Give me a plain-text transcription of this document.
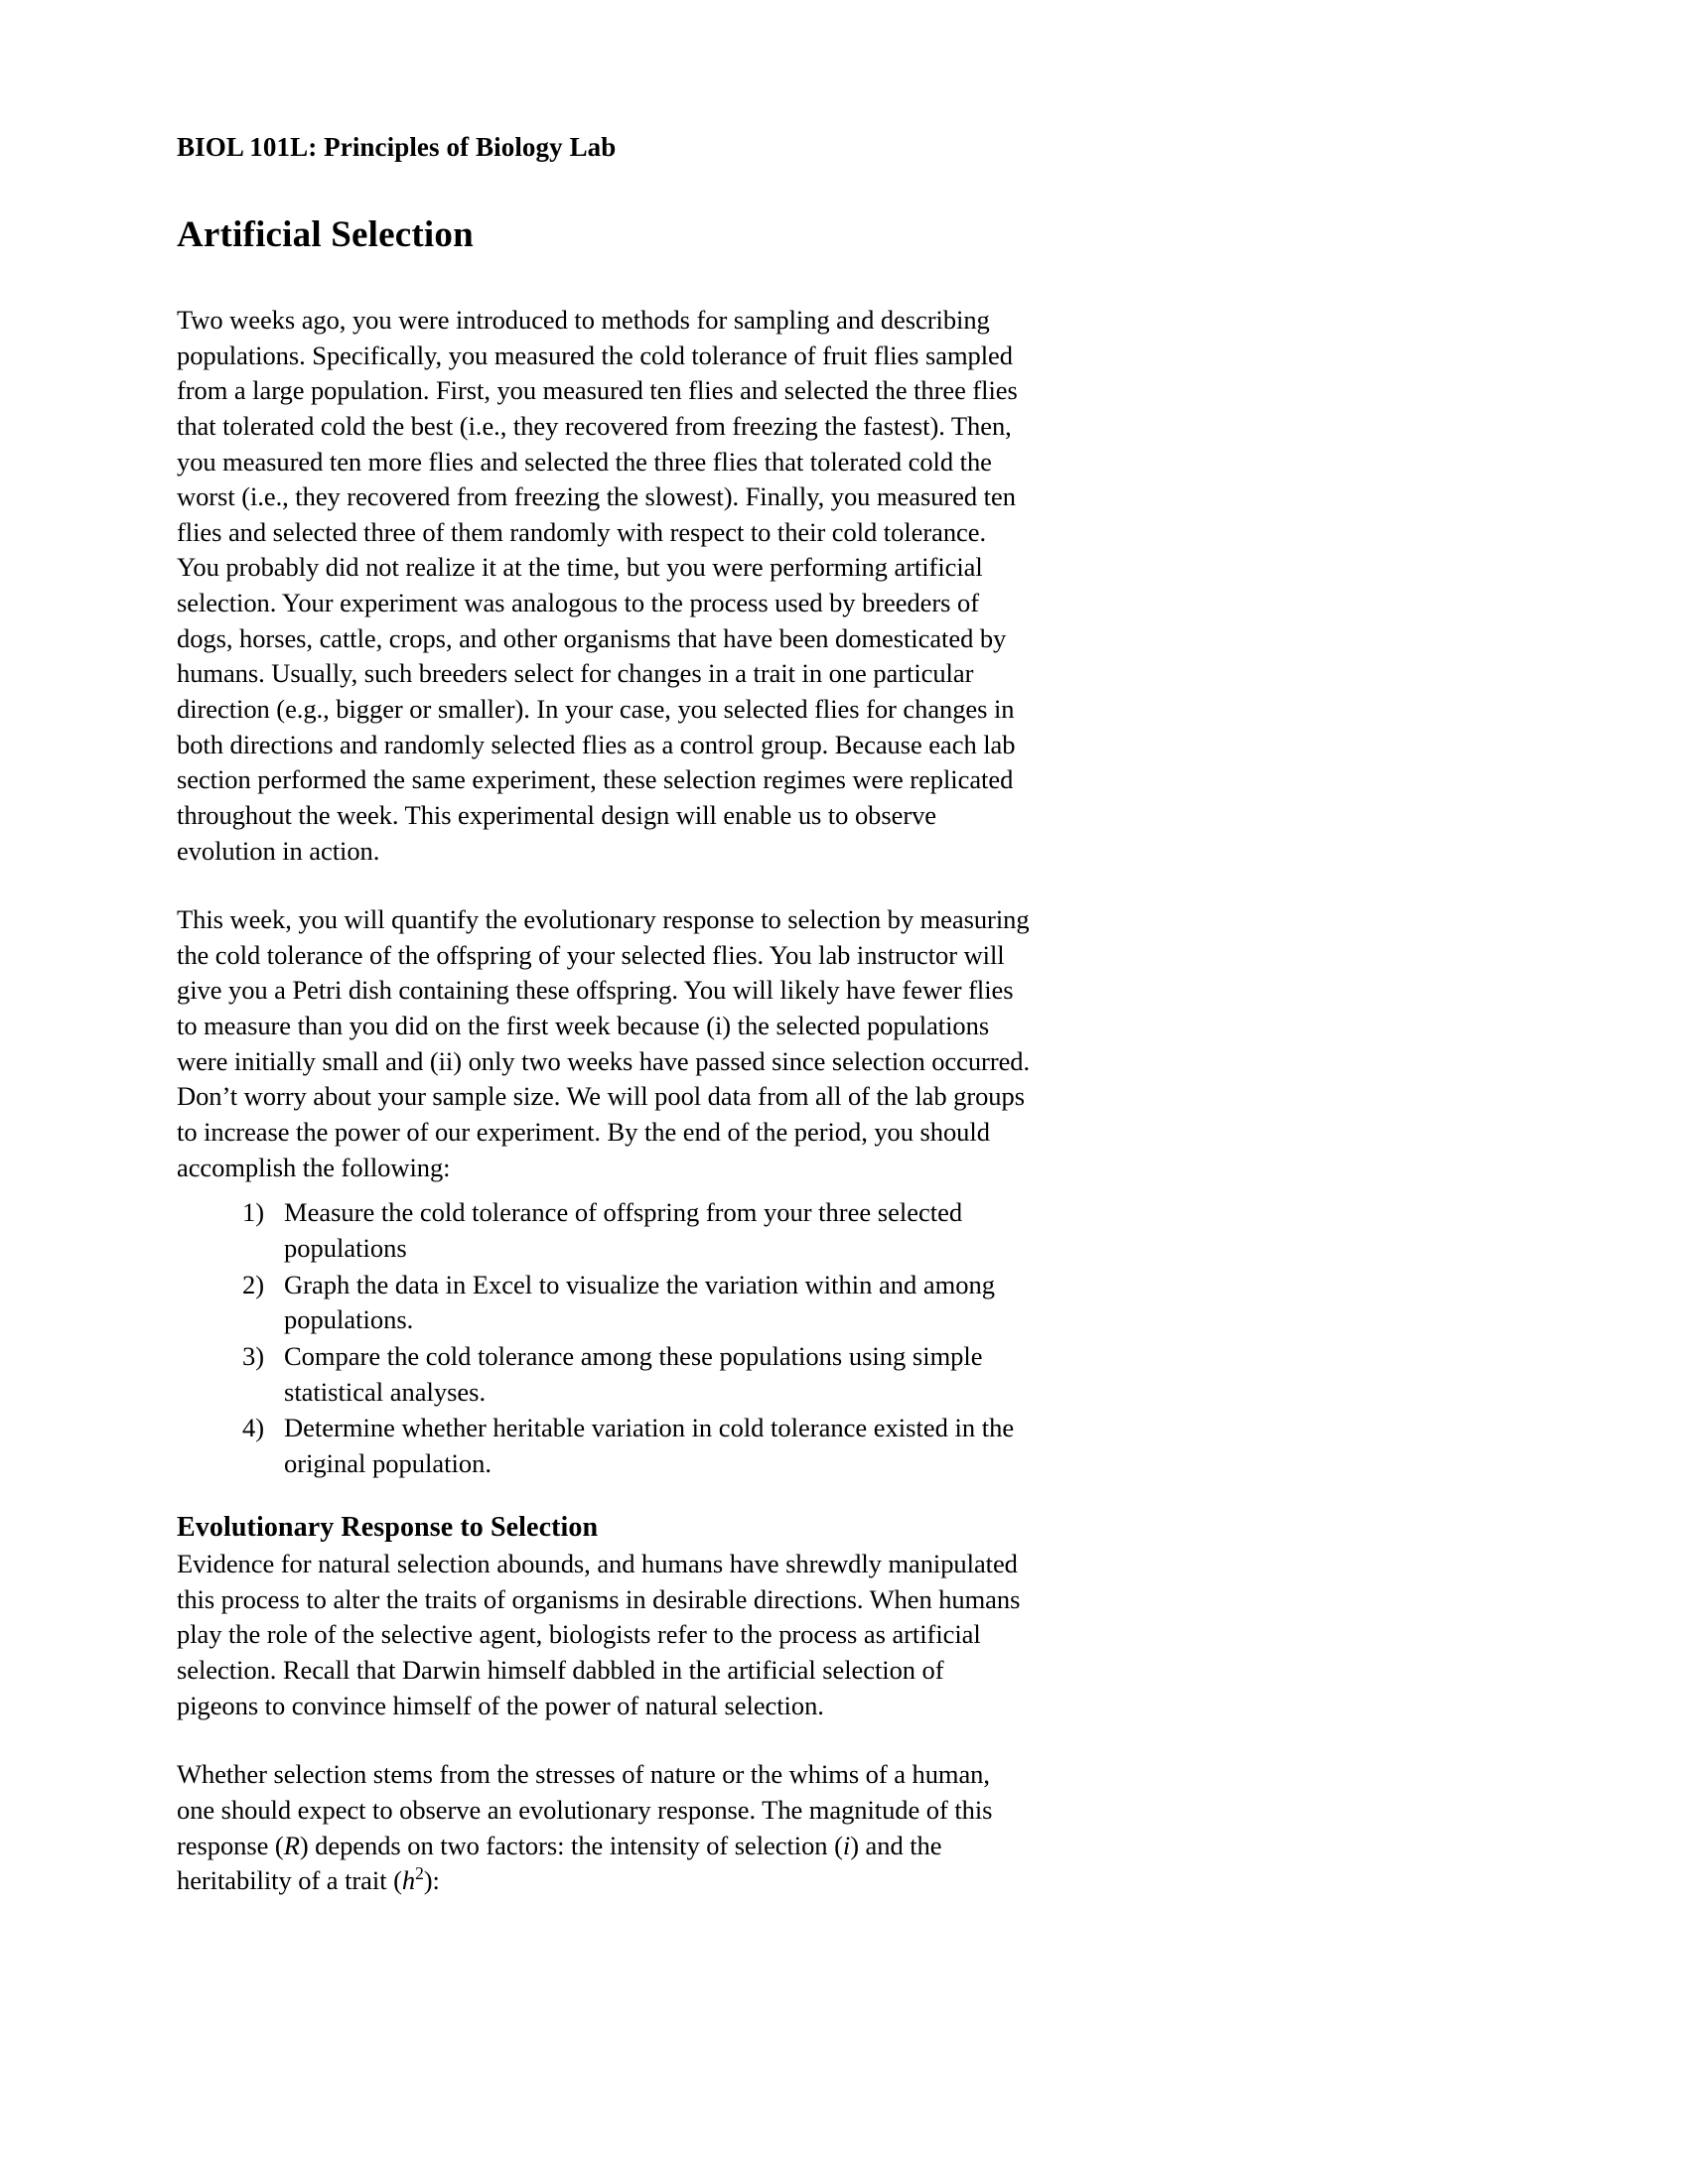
BIOL 101L: Principles of Biology Lab
Artificial Selection

Two weeks ago, you were introduced to methods for sampling and describing populations. Specifically, you measured the cold tolerance of fruit flies sampled from a large population. First, you measured ten flies and selected the three flies that tolerated cold the best (i.e., they recovered from freezing the fastest). Then, you measured ten more flies and selected the three flies that tolerated cold the worst (i.e., they recovered from freezing the slowest). Finally, you measured ten flies and selected three of them randomly with respect to their cold tolerance. You probably did not realize it at the time, but you were performing artificial selection. Your experiment was analogous to the process used by breeders of dogs, horses, cattle, crops, and other organisms that have been domesticated by humans. Usually, such breeders select for changes in a trait in one particular direction (e.g., bigger or smaller). In your case, you selected flies for changes in both directions and randomly selected flies as a control group. Because each lab section performed the same experiment, these selection regimes were replicated throughout the week. This experimental design will enable us to observe evolution in action.

This week, you will quantify the evolutionary response to selection by measuring the cold tolerance of the offspring of your selected flies. You lab instructor will give you a Petri dish containing these offspring. You will likely have fewer flies to measure than you did on the first week because (i) the selected populations were initially small and (ii) only two weeks have passed since selection occurred. Don’t worry about your sample size. We will pool data from all of the lab groups to increase the power of our experiment. By the end of the period, you should accomplish the following:

Measure the cold tolerance of offspring from your three selected populations
Graph the data in Excel to visualize the variation within and among populations.
Compare the cold tolerance among these populations using simple statistical analyses.
Determine whether heritable variation in cold tolerance existed in the original population.
Evolutionary Response to Selection

Evidence for natural selection abounds, and humans have shrewdly manipulated this process to alter the traits of organisms in desirable directions. When humans play the role of the selective agent, biologists refer to the process as artificial selection. Recall that Darwin himself dabbled in the artificial selection of pigeons to convince himself of the power of natural selection.

Whether selection stems from the stresses of nature or the whims of a human, one should expect to observe an evolutionary response. The magnitude of this response (R) depends on two factors: the intensity of selection (i) and the heritability of a trait $(h^2)$:
